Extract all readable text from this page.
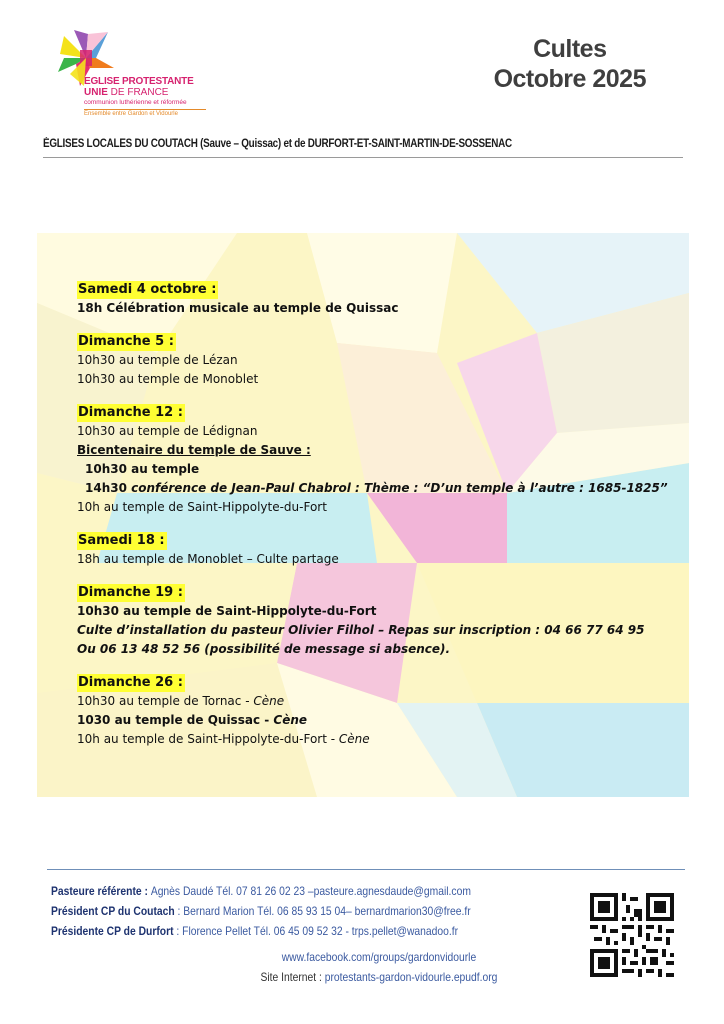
EGLISE PROTESTANTE
UNIE DE FRANCE
communion luthérienne et réformée
Ensemble entre Gardon et Vidourle
Cultes
Octobre 2025
ÉGLISES LOCALES DU COUTACH (Sauve – Quissac) et de DURFORT-ET-SAINT-MARTIN-DE-SOSSENAC
Samedi 4 octobre :
18h Célébration musicale au temple de Quissac
Dimanche 5 :
10h30 au temple de Lézan
10h30 au temple de Monoblet
Dimanche 12 :
10h30 au temple de Lédignan
Bicentenaire du temple de Sauve :
10h30 au temple
14h30 conférence de Jean-Paul Chabrol : Thème : “D’un temple à l’autre : 1685-1825”
10h au temple de Saint-Hippolyte-du-Fort
Samedi 18 :
18h au temple de Monoblet – Culte partage
Dimanche 19 :
10h30 au temple de Saint-Hippolyte-du-Fort
Culte d’installation du pasteur Olivier Filhol – Repas sur inscription : 04 66 77 64 95
Ou 06 13 48 52 56 (possibilité de message si absence).
Dimanche 26 :
10h30 au temple de Tornac - Cène
1030 au temple de Quissac - Cène
10h au temple de Saint-Hippolyte-du-Fort - Cène
Pasteure référente : Agnès Daudé Tél. 07 81 26 02 23 –pasteure.agnesdaude@gmail.com
Président CP du Coutach : Bernard Marion Tél. 06 85 93 15 04– bernardmarion30@free.fr
Présidente CP de Durfort : Florence Pellet Tél. 06 45 09 52 32 - trps.pellet@wanadoo.fr
www.facebook.com/groups/gardonvidourle
Site Internet : protestants-gardon-vidourle.epudf.org
